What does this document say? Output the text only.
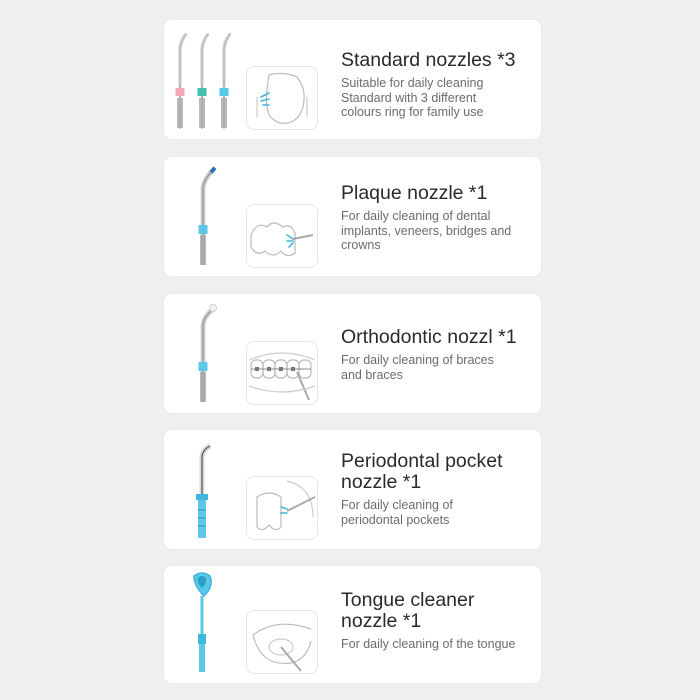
Standard nozzles *3
Suitable for daily cleaning
Standard with 3 different
colours ring for family use
Plaque nozzle *1
For daily cleaning of dental
implants, veneers, bridges and
crowns
Orthodontic nozzl *1
For daily cleaning of braces
and braces
Periodontal pocket
nozzle *1
For daily cleaning of
periodontal pockets
Tongue cleaner
nozzle *1
For daily cleaning of the tongue
